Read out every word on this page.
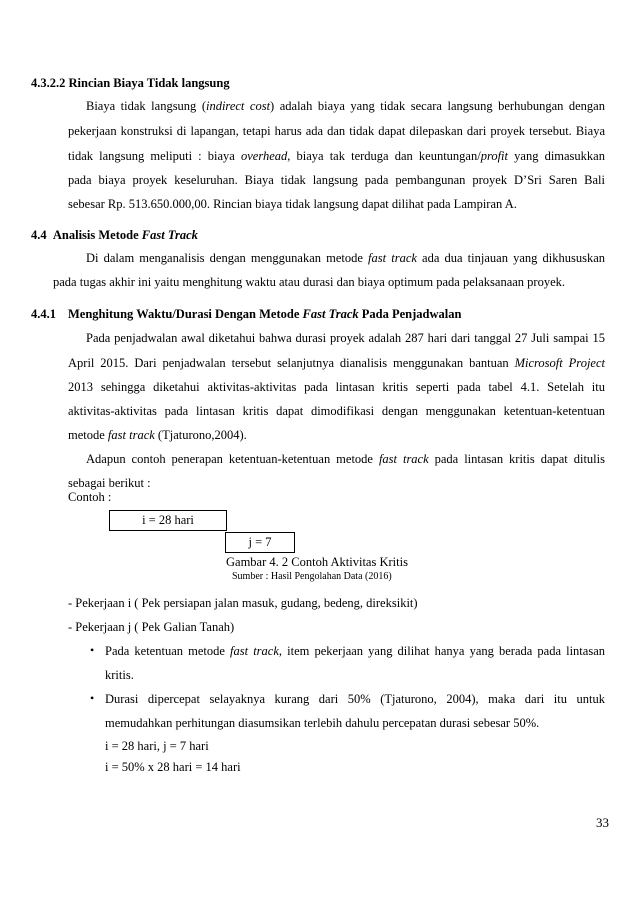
4.3.2.2 Rincian Biaya Tidak langsung
Biaya tidak langsung (indirect cost) adalah biaya yang tidak secara langsung berhubungan dengan
pekerjaan konstruksi di lapangan, tetapi harus ada dan tidak dapat dilepaskan dari proyek tersebut. Biaya
tidak langsung meliputi : biaya overhead, biaya tak terduga dan keuntungan/profit yang dimasukkan
pada biaya proyek keseluruhan. Biaya tidak langsung pada pembangunan proyek D’Sri Saren Bali
sebesar Rp. 513.650.000,00. Rincian biaya tidak langsung dapat dilihat pada Lampiran A.
4.4 Analisis Metode Fast Track
Di dalam menganalisis dengan menggunakan metode fast track ada dua tinjauan yang dikhususkan
pada tugas akhir ini yaitu menghitung waktu atau durasi dan biaya optimum pada pelaksanaan proyek.
4.4.1 Menghitung Waktu/Durasi Dengan Metode Fast Track Pada Penjadwalan
Pada penjadwalan awal diketahui bahwa durasi proyek adalah 287 hari dari tanggal 27 Juli sampai 15
April 2015. Dari penjadwalan tersebut selanjutnya dianalisis menggunakan bantuan Microsoft Project
2013 sehingga diketahui aktivitas-aktivitas pada lintasan kritis seperti pada tabel 4.1. Setelah itu
aktivitas-aktivitas pada lintasan kritis dapat dimodifikasi dengan menggunakan ketentuan-ketentuan
metode fast track (Tjaturono,2004).
Adapun contoh penerapan ketentuan-ketentuan metode fast track pada lintasan kritis dapat ditulis
sebagai berikut :
Contoh :
i = 28 hari
j = 7
Gambar 4. 2 Contoh Aktivitas Kritis
Sumber : Hasil Pengolahan Data (2016)
- Pekerjaan i ( Pek persiapan jalan masuk, gudang, bedeng, direksikit)
- Pekerjaan j ( Pek Galian Tanah)
• Pada ketentuan metode fast track, item pekerjaan yang dilihat hanya yang berada pada lintasan
kritis.
• Durasi dipercepat selayaknya kurang dari 50% (Tjaturono, 2004), maka dari itu untuk
memudahkan perhitungan diasumsikan terlebih dahulu percepatan durasi sebesar 50%.
i = 28 hari, j = 7 hari
i = 50% x 28 hari = 14 hari
33
